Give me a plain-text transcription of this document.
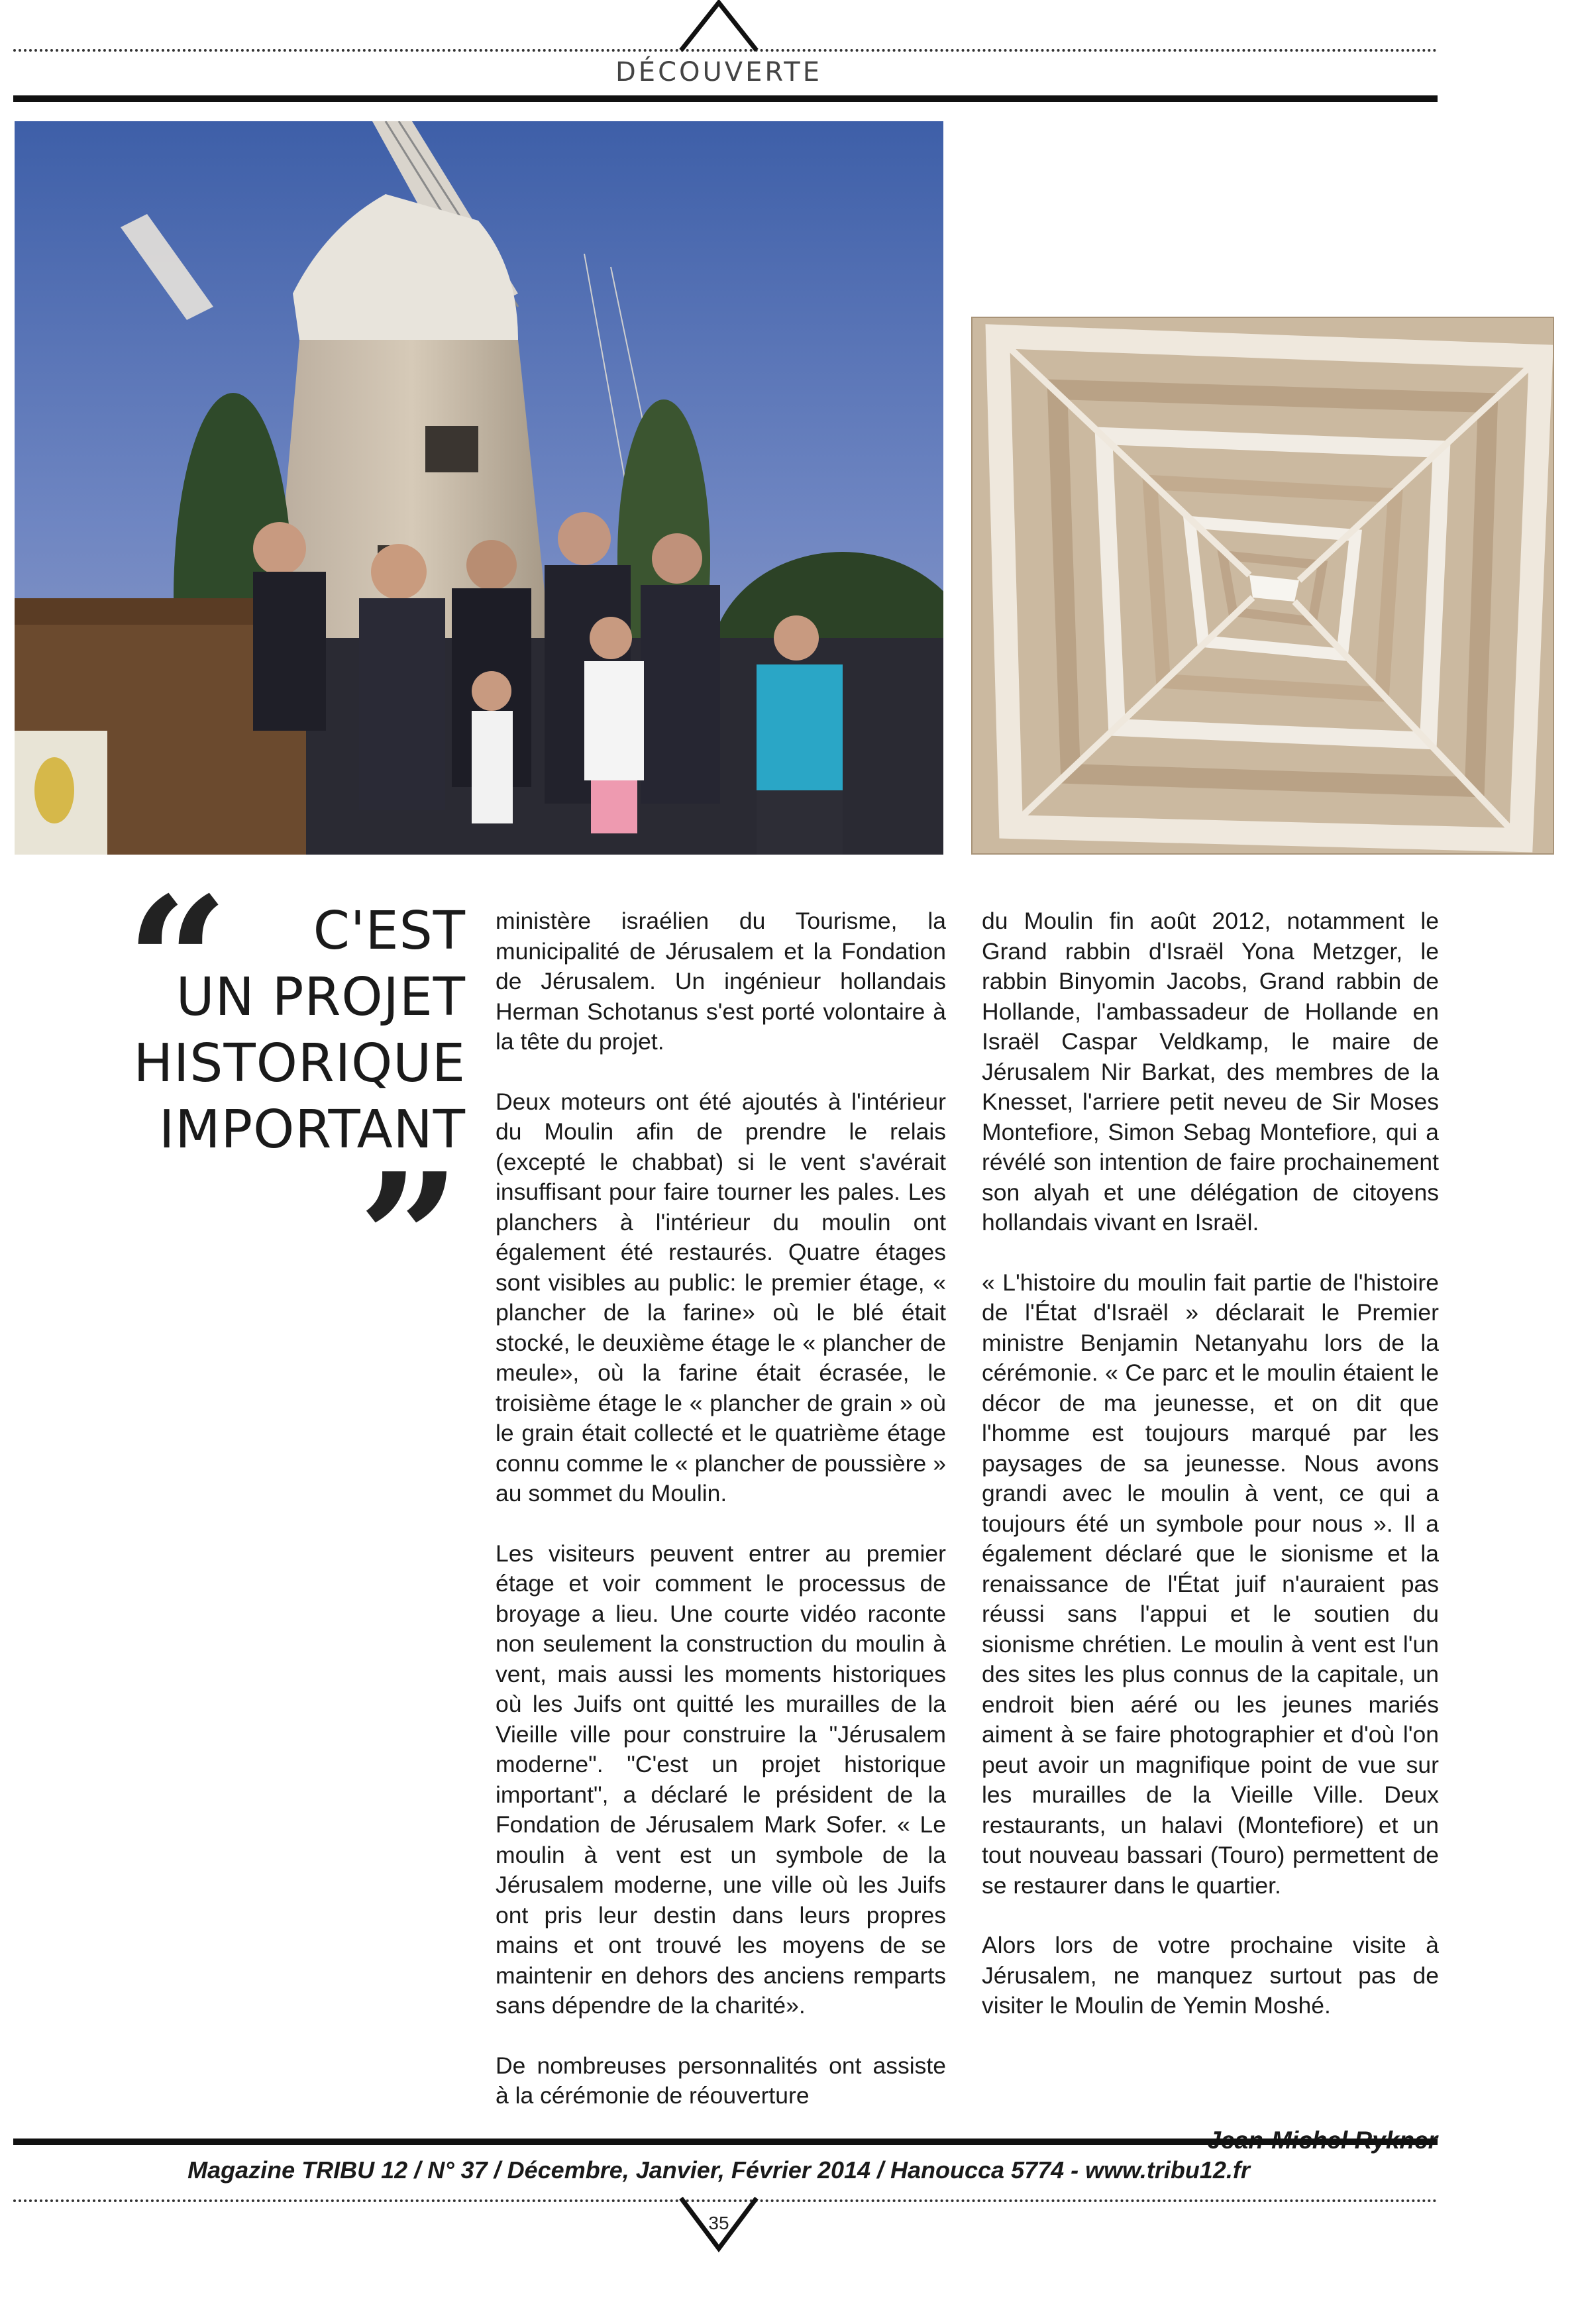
DÉCOUVERTE
“	C'EST
UN PROJET
HISTORIQUE
IMPORTANT
”

ministère israélien du Tourisme, la municipalité de Jérusalem et la Fondation de Jérusalem. Un ingénieur hollandais Herman Schotanus s'est porté volontaire à la tête du projet.

Deux moteurs ont été ajoutés à l'intérieur du Moulin afin de prendre le relais (excepté le chabbat) si le vent s'avérait insuffisant pour faire tourner les pales. Les planchers à l'intérieur du moulin ont également été restaurés. Quatre étages sont visibles au public: le premier étage, « plancher de la farine» où le blé était stocké, le deuxième étage le « plancher de meule», où la farine était écrasée, le troisième étage le « plancher de grain » où le grain était collecté et le quatrième étage connu comme le « plancher de poussière » au sommet du Moulin.

Les visiteurs peuvent entrer au premier étage et voir comment le processus de broyage a lieu. Une courte vidéo raconte non seulement la construction du moulin à vent, mais aussi les moments historiques où les Juifs ont quitté les murailles de la Vieille ville pour construire la "Jérusalem moderne". "C'est un projet historique important", a déclaré le président de la Fondation de Jérusalem Mark Sofer. « Le moulin à vent est un symbole de la Jérusalem moderne, une ville où les Juifs ont pris leur destin dans leurs propres mains et ont trouvé les moyens de se maintenir en dehors des anciens remparts sans dépendre de la charité».

De nombreuses personnalités ont assiste à la cérémonie de réouverture

du Moulin fin août 2012, notamment le Grand rabbin d'Israël Yona Metzger, le rabbin Binyomin Jacobs, Grand rabbin de Hollande, l'ambassadeur de Hollande en Israël Caspar Veldkamp, le maire de Jérusalem Nir Barkat, des membres de la Knesset, l'arriere petit neveu de Sir Moses Montefiore, Simon Sebag Montefiore, qui a révélé son intention de faire prochainement son alyah et une délégation de citoyens hollandais vivant en Israël.

« L'histoire du moulin fait partie de l'histoire de l'État d'Israël » déclarait le Premier ministre Benjamin Netanyahu lors de la cérémonie. « Ce parc et le moulin étaient le décor de ma jeunesse, et on dit que l'homme est toujours marqué par les paysages de sa jeunesse. Nous avons grandi avec le moulin à vent, ce qui a toujours été un symbole pour nous ». Il a également déclaré que le sionisme et la renaissance de l'État juif n'auraient pas réussi sans l'appui et le soutien du sionisme chrétien. Le moulin à vent est l'un des sites les plus connus de la capitale, un endroit bien aéré ou les jeunes mariés aiment à se faire photographier et d'où l'on peut avoir un magnifique point de vue sur les murailles de la Vieille Ville. Deux restaurants, un halavi (Montefiore) et un tout nouveau bassari (Touro) permettent de se restaurer dans le quartier.

Alors lors de votre prochaine visite à Jérusalem, ne manquez surtout pas de visiter le Moulin de Yemin Moshé.

Magazine TRIBU 12 / N° 37 / Décembre, Janvier, Février 2014 / Hanoucca 5774 - www.tribu12.fr
35
